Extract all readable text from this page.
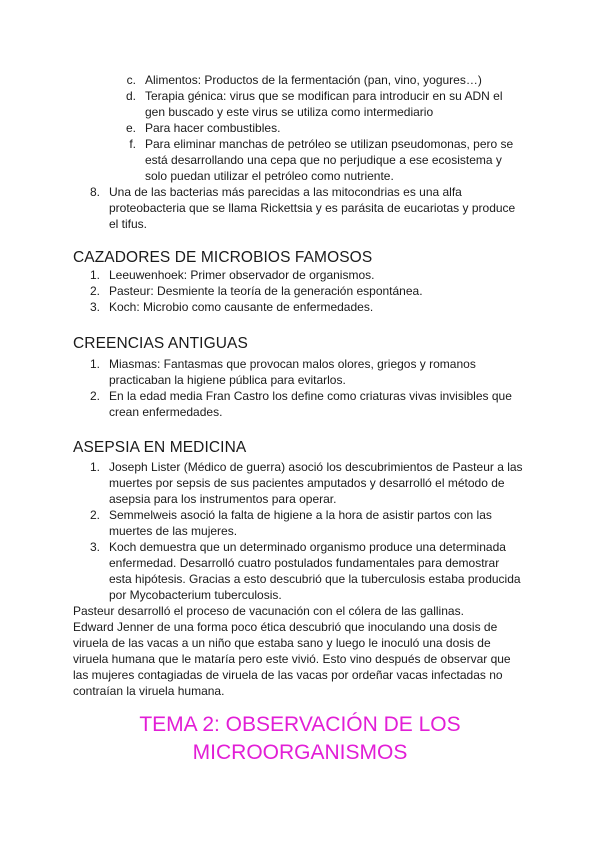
c. Alimentos: Productos de la fermentación (pan, vino, yogures…)
d. Terapia génica: virus que se modifican para introducir en su ADN el
gen buscado y este virus se utiliza como intermediario
e. Para hacer combustibles.
f. Para eliminar manchas de petróleo se utilizan pseudomonas, pero se
está desarrollando una cepa que no perjudique a ese ecosistema y
solo puedan utilizar el petróleo como nutriente.
8. Una de las bacterias más parecidas a las mitocondrias es una alfa
proteobacteria que se llama Rickettsia y es parásita de eucariotas y produce
el tifus.
CAZADORES DE MICROBIOS FAMOSOS
1. Leeuwenhoek: Primer observador de organismos.
2. Pasteur: Desmiente la teoría de la generación espontánea.
3. Koch: Microbio como causante de enfermedades.
CREENCIAS ANTIGUAS
1. Miasmas: Fantasmas que provocan malos olores, griegos y romanos
practicaban la higiene pública para evitarlos.
2. En la edad media Fran Castro los define como criaturas vivas invisibles que
crean enfermedades.
ASEPSIA EN MEDICINA
1. Joseph Lister (Médico de guerra) asoció los descubrimientos de Pasteur a las
muertes por sepsis de sus pacientes amputados y desarrolló el método de
asepsia para los instrumentos para operar.
2. Semmelweis asoció la falta de higiene a la hora de asistir partos con las
muertes de las mujeres.
3. Koch demuestra que un determinado organismo produce una determinada
enfermedad. Desarrolló cuatro postulados fundamentales para demostrar
esta hipótesis. Gracias a esto descubrió que la tuberculosis estaba producida
por Mycobacterium tuberculosis.
Pasteur desarrolló el proceso de vacunación con el cólera de las gallinas.
Edward Jenner de una forma poco ética descubrió que inoculando una dosis de
viruela de las vacas a un niño que estaba sano y luego le inoculó una dosis de
viruela humana que le mataría pero este vivió. Esto vino después de observar que
las mujeres contagiadas de viruela de las vacas por ordeñar vacas infectadas no
contraían la viruela humana.
TEMA 2: OBSERVACIÓN DE LOS
MICROORGANISMOS
